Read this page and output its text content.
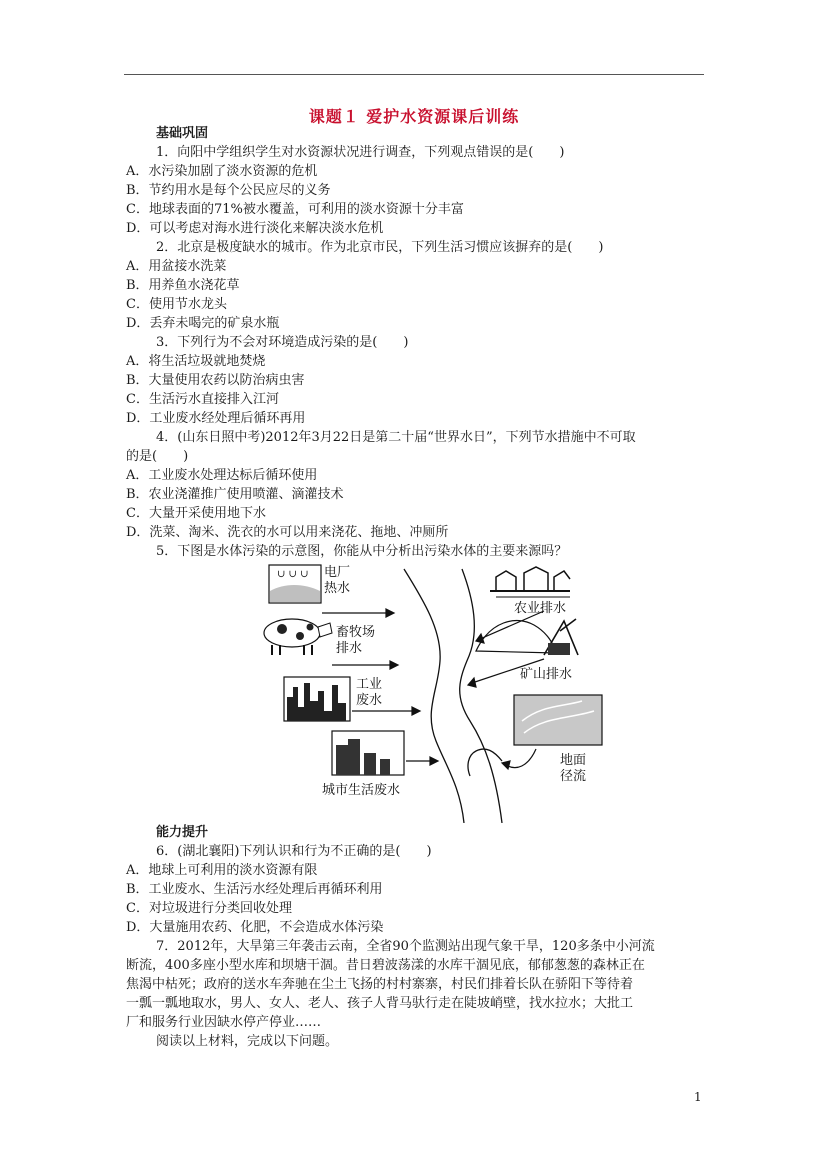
课题１ 爱护水资源课后训练
基础巩固
1．向阳中学组织学生对水资源状况进行调查，下列观点错误的是(　　)
A．水污染加剧了淡水资源的危机
B．节约用水是每个公民应尽的义务
C．地球表面的71%被水覆盖，可利用的淡水资源十分丰富
D．可以考虑对海水进行淡化来解决淡水危机
2．北京是极度缺水的城市。作为北京市民，下列生活习惯应该摒弃的是(　　)
A．用盆接水洗菜
B．用养鱼水浇花草
C．使用节水龙头
D．丢弃未喝完的矿泉水瓶
3．下列行为不会对环境造成污染的是(　　)
A．将生活垃圾就地焚烧
B．大量使用农药以防治病虫害
C．生活污水直接排入江河
D．工业废水经处理后循环再用
4．(山东日照中考)2012年3月22日是第二十届“世界水日”，下列节水措施中不可取
的是(　　)
A．工业废水处理达标后循环使用
B．农业浇灌推广使用喷灌、滴灌技术
C．大量开采使用地下水
D．洗菜、淘米、洗衣的水可以用来浇花、拖地、冲厕所
5．下图是水体污染的示意图，你能从中分析出污染水体的主要来源吗？
∪ ∪ ∪ 电厂
热水
畜牧场
排水
工业
废水
城市生活废水
农业排水
矿山排水
地面
径流
能力提升
6．(湖北襄阳)下列认识和行为不正确的是(　　)
A．地球上可利用的淡水资源有限
B．工业废水、生活污水经处理后再循环利用
C．对垃圾进行分类回收处理
D．大量施用农药、化肥，不会造成水体污染
7．2012年，大旱第三年袭击云南，全省90个监测站出现气象干旱，120多条中小河流
断流，400多座小型水库和坝塘干涸。昔日碧波荡漾的水库干涸见底，郁郁葱葱的森林正在
焦渴中枯死；政府的送水车奔驰在尘土飞扬的村村寨寨，村民们排着长队在骄阳下等待着
一瓢一瓢地取水，男人、女人、老人、孩子人背马驮行走在陡坡峭壁，找水拉水；大批工
厂和服务行业因缺水停产停业……
阅读以上材料，完成以下问题。
1
